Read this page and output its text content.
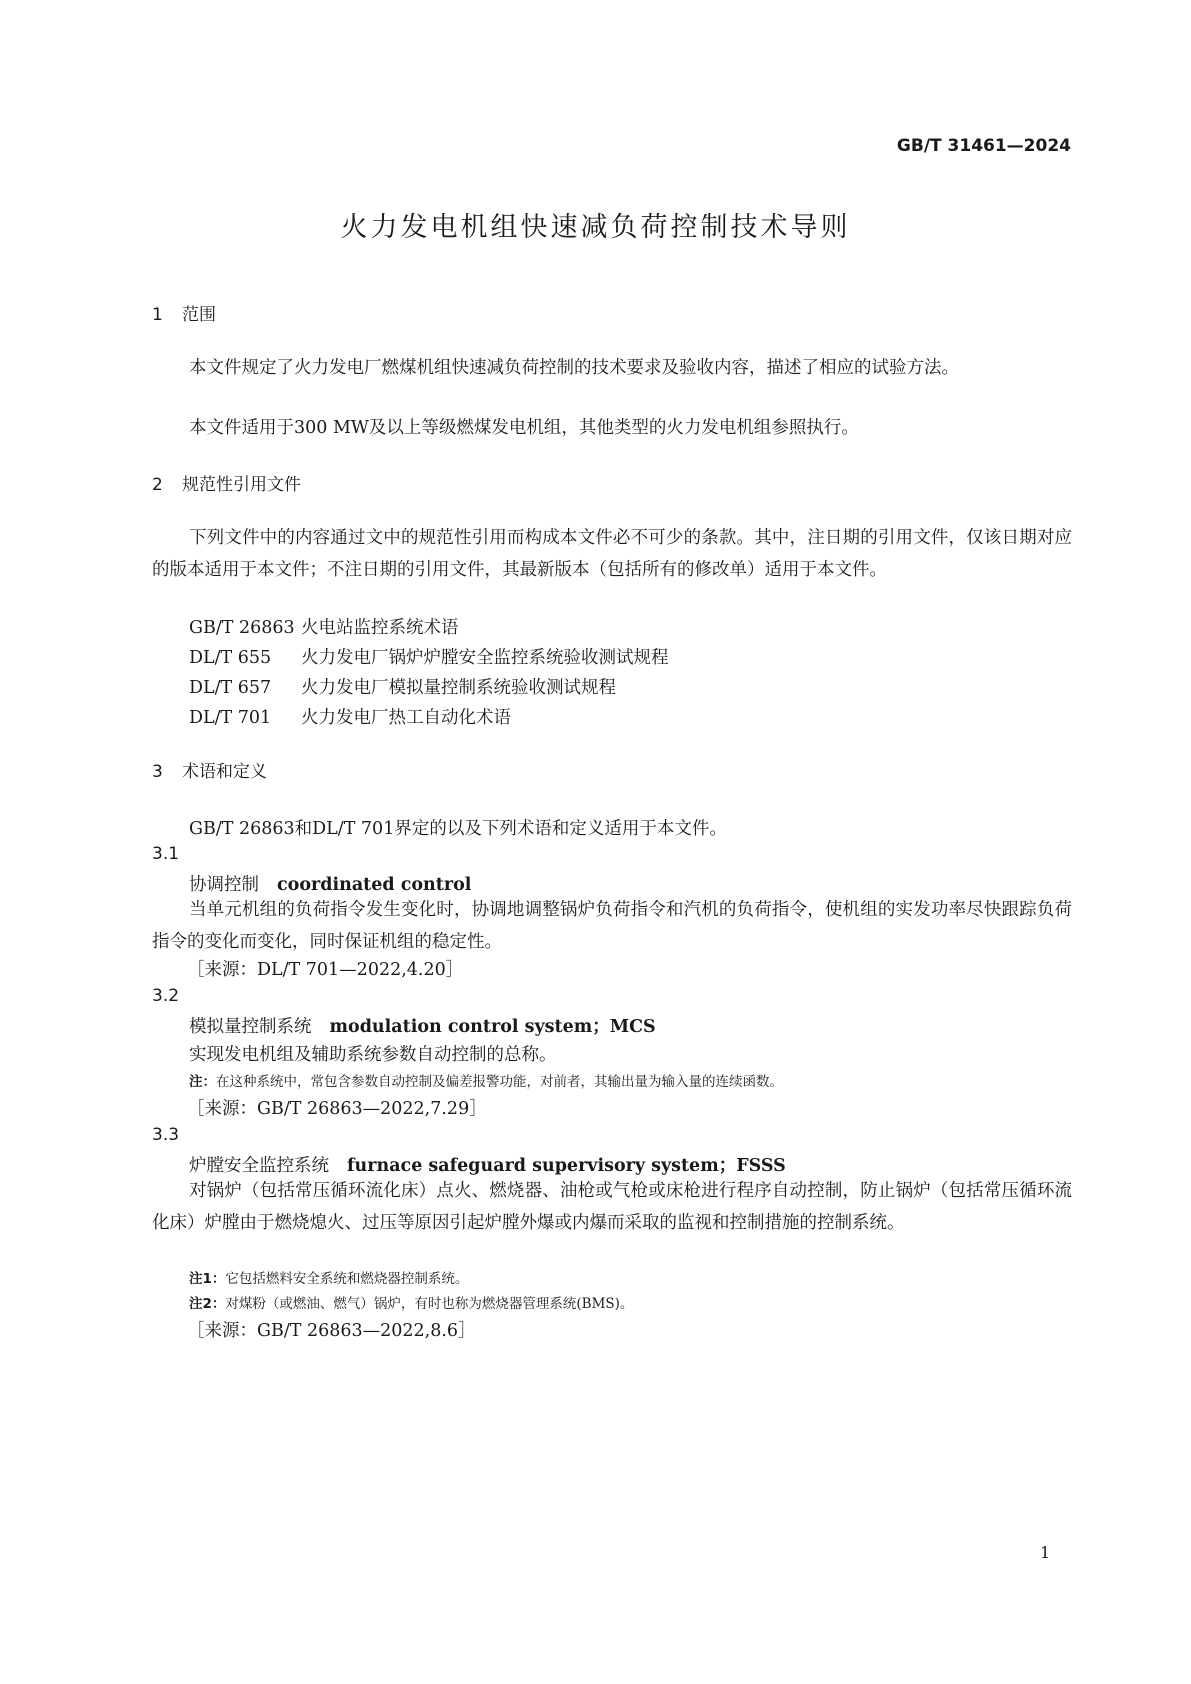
GB/T 31461—2024
火力发电机组快速减负荷控制技术导则
1 范围
本文件规定了火力发电厂燃煤机组快速减负荷控制的技术要求及验收内容，描述了相应的试验方法。
本文件适用于300 MW及以上等级燃煤发电机组，其他类型的火力发电机组参照执行。
2 规范性引用文件
下列文件中的内容通过文中的规范性引用而构成本文件必不可少的条款。其中，注日期的引用文件，仅该日期对应的版本适用于本文件；不注日期的引用文件，其最新版本（包括所有的修改单）适用于本文件。
GB/T 26863 火电站监控系统术语
DL/T 655 火力发电厂锅炉炉膛安全监控系统验收测试规程
DL/T 657 火力发电厂模拟量控制系统验收测试规程
DL/T 701 火力发电厂热工自动化术语
3 术语和定义
GB/T 26863和DL/T 701界定的以及下列术语和定义适用于本文件。
3.1
协调控制 coordinated control
当单元机组的负荷指令发生变化时，协调地调整锅炉负荷指令和汽机的负荷指令，使机组的实发功率尽快跟踪负荷指令的变化而变化，同时保证机组的稳定性。
［来源：DL/T 701—2022,4.20］
3.2
模拟量控制系统 modulation control system；MCS
实现发电机组及辅助系统参数自动控制的总称。
注：在这种系统中，常包含参数自动控制及偏差报警功能，对前者，其输出量为输入量的连续函数。
［来源：GB/T 26863—2022,7.29］
3.3
炉膛安全监控系统 furnace safeguard supervisory system；FSSS
对锅炉（包括常压循环流化床）点火、燃烧器、油枪或气枪或床枪进行程序自动控制，防止锅炉（包括常压循环流化床）炉膛由于燃烧熄火、过压等原因引起炉膛外爆或内爆而采取的监视和控制措施的控制系统。
注1：它包括燃料安全系统和燃烧器控制系统。
注2：对煤粉（或燃油、燃气）锅炉，有时也称为燃烧器管理系统(BMS)。
［来源：GB/T 26863—2022,8.6］
1
